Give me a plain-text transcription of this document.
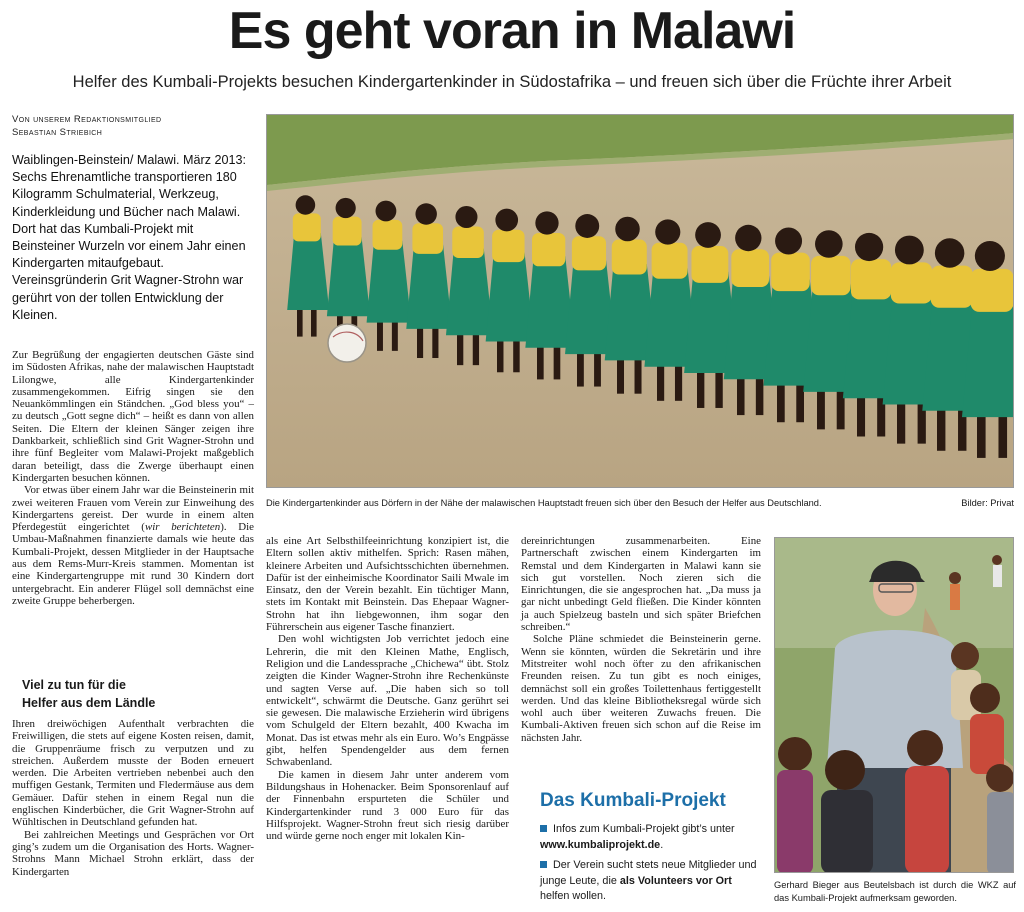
Es geht voran in Malawi
Helfer des Kumbali-Projekts besuchen Kindergartenkinder in Südostafrika – und freuen sich über die Früchte ihrer Arbeit
Von unserem Redaktionsmitglied
Sebastian Striebich

Waiblingen-Beinstein/ Malawi. März 2013: Sechs Ehrenamtliche transportieren 180 Kilogramm Schulmaterial, Werkzeug, Kinderkleidung und Bücher nach Malawi. Dort hat das Kumbali-Projekt mit Beinsteiner Wurzeln vor einem Jahr einen Kindergarten mitaufgebaut. Vereinsgründerin Grit Wagner-Strohn war gerührt von der tollen Entwicklung der Kleinen.

Zur Begrüßung der engagierten deutschen Gäste sind im Südosten Afrikas, nahe der malawischen Hauptstadt Lilongwe, alle Kindergartenkinder zusammengekommen. Eifrig singen sie den Neuankömmlingen ein Ständchen. „God bless you“ – zu deutsch „Gott segne dich“ – heißt es dann von allen Seiten. Die Eltern der kleinen Sänger zeigen ihre Dankbarkeit, schließlich sind Grit Wagner-Strohn und ihre fünf Begleiter vom Malawi-Projekt maßgeblich daran beteiligt, dass die Zwerge überhaupt einen Kindergarten besuchen können.

Vor etwas über einem Jahr war die Beinsteinerin mit zwei weiteren Frauen vom Verein zur Einweihung des Kindergartens gereist. Der wurde in einem alten Pferdegestüt eingerichtet (wir berichteten). Die Umbau-Maßnahmen finanzierte damals wie heute das Kumbali-Projekt, dessen Mitglieder in der Hauptsache aus dem Rems-Murr-Kreis stammen. Momentan ist eine Kindergartengruppe mit rund 30 Kindern dort untergebracht. Ein anderer Flügel soll demnächst eine zweite Gruppe beherbergen.

Viel zu tun für die
Helfer aus dem Ländle

Ihren dreiwöchigen Aufenthalt verbrachten die Freiwilligen, die stets auf eigene Kosten reisen, damit, die Gruppenräume frisch zu verputzen und zu streichen. Außerdem musste der Boden erneuert werden. Die Arbeiten vertrieben nebenbei auch den muffigen Gestank, Termiten und Fledermäuse aus dem Gemäuer. Dafür stehen in einem Regal nun die englischen Kinderbücher, die Grit Wagner-Strohn auf Wühltischen in Deutschland gefunden hat.

Bei zahlreichen Meetings und Gesprächen vor Ort ging’s zudem um die Organisation des Horts. Wagner-Strohns Mann Michael Strohn erklärt, dass der Kindergarten

als eine Art Selbsthilfeeinrichtung konzipiert ist, die Eltern sollen aktiv mithelfen. Sprich: Rasen mähen, kleinere Arbeiten und Aufsichtsschichten übernehmen. Dafür ist der einheimische Koordinator Saili Mwale im Einsatz, den der Verein bezahlt. Ein tüchtiger Mann, stets im Kontakt mit Beinstein. Das Ehepaar Wagner-Strohn hat ihn liebgewonnen, ihm sogar den Führerschein aus eigener Tasche finanziert.

Den wohl wichtigsten Job verrichtet jedoch eine Lehrerin, die mit den Kleinen Mathe, Englisch, Religion und die Landessprache „Chichewa“ übt. Stolz zeigten die Kinder Wagner-Strohn ihre Rechenkünste und sagten Verse auf. „Die haben sich so toll entwickelt“, schwärmt die Deutsche. Ganz gerührt sei sie gewesen. Die malawische Erzieherin wird übrigens vom Schulgeld der Eltern bezahlt, 400 Kwacha im Monat. Das ist etwas mehr als ein Euro. Wo’s Engpässe gibt, helfen Spendengelder aus dem fernen Schwabenland.

Die kamen in diesem Jahr unter anderem vom Bildungshaus in Hohenacker. Beim Sponsorenlauf auf der Finnenbahn erspurteten die Schüler und Kindergartenkinder rund 3 000 Euro für das Hilfsprojekt. Wagner-Strohn freut sich riesig darüber und würde gerne noch enger mit lokalen Kin-

dereinrichtungen zusammenarbeiten. Eine Partnerschaft zwischen einem Kindergarten im Remstal und dem Kindergarten in Malawi kann sie sich gut vorstellen. Noch zieren sich die Einrichtungen, die sie angesprochen hat. „Da muss ja gar nicht unbedingt Geld fließen. Die Kinder könnten ja auch Spielzeug basteln und sich später Briefchen schreiben.“

Solche Pläne schmiedet die Beinsteinerin gerne. Wenn sie könnten, würden die Sekretärin und ihre Mitstreiter wohl noch öfter zu den afrikanischen Freunden reisen. Zu tun gibt es noch einiges, demnächst soll ein großes Toilettenhaus fertiggestellt werden. Und das kleine Bibliotheksregal würde sich wohl auch über weiteren Zuwachs freuen. Die Kumbali-Aktiven freuen sich schon auf die Reise im nächsten Jahr.

Die Kindergartenkinder aus Dörfern in der Nähe der malawischen Hauptstadt freuen sich über den Besuch der Helfer aus Deutschland.	Bilder: Privat
Gerhard Bieger aus Beutelsbach ist durch die WKZ auf das Kumbali-Projekt aufmerksam geworden.
Das Kumbali-Projekt
Infos zum Kumbali-Projekt gibt’s unter www.kumbaliprojekt.de.
Der Verein sucht stets neue Mitglieder und junge Leute, die als Volunteers vor Ort helfen wollen.
